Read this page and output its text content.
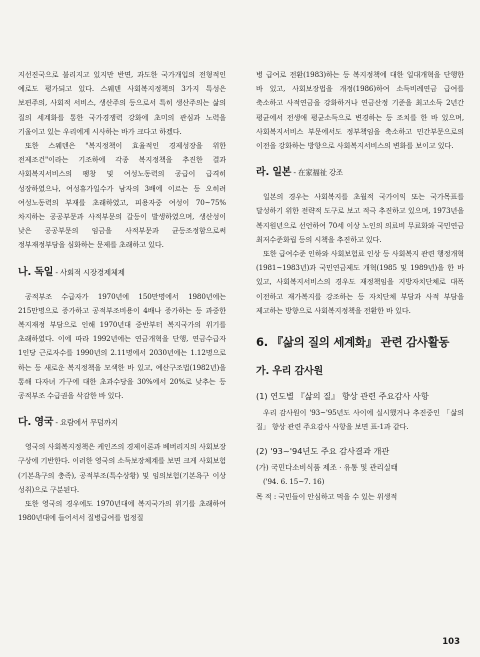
지선진국으로 불리지고 있지만 반면, 과도한 국가개입의 전형적인 예로도 평가되고 있다. 스웨덴 사회복지정책의 3가지 특성은 보편주의, 사회적 서비스, 생산주의 등으로서 특히 생산주의는 삶의 질의 세계화를 통한 국가경쟁력 강화에 초미의 관심과 노력을 기울이고 있는 우리에게 시사하는 바가 크다고 하겠다.

또한 스웨덴은 "복지정책이 효율적인 경제성장을 위한 전제조건"이라는 기조하에 각종 복지정책을 추진한 결과 사회복지서비스의 팽창 및 여성노동력의 공급이 급격히 성장하였으나, 여성휴가일수가 남자의 3배에 이르는 등 오히려 여성노동력의 부재를 초래하였고, 피용자중 여성이 70~75% 차지하는 공공부문과 사적부문의 갈등이 발생하였으며, 생산성이 낮은 공공부문의 임금을 사적부문과 균등조정함으로써 정부재정부담을 심화하는 문제를 초래하고 있다.

나. 독일 - 사회적 시장경제체제

공적부조 수급자가 1970년에 150만명에서 1980년에는 215만명으로 증가하고 공적부조비용이 4배나 증가하는 등 과중한 복지재정 부담으로 인해 1970년대 중반부터 복지국가의 위기를 초래하였다. 이에 따라 1992년에는 연금개혁을 단행, 연금수급자 1인당 근로자수를 1990년의 2.11명에서 2030년에는 1.12명으로 하는 등 새로운 복지정책을 모색한 바 있고, 예산구조법(1982년)을 통해 다자녀 가구에 대한 초과수당을 30%에서 20%로 낮추는 등 공적부조 수급권을 삭감한 바 있다.

다. 영국 - 요람에서 무덤까지

영국의 사회복지정책은 케인즈의 경제이론과 베버리지의 사회보장 구상에 기반한다. 이러한 영국의 소득보장체계를 보면 크게 사회보험(기본욕구의 충족), 공적부조(특수상황) 및 임의보험(기본욕구 이상 성취)으로 구분된다.

또한 영국의 경우에도 1970년대에 복지국가의 위기를 초래하여 1980년대에 들어서서 질병급여를 법정질

병 급여로 전환(1983)하는 등 복지정책에 대한 일대개혁을 단행한 바 있고, 사회보장법을 개정(1986)하여 소득비례연금 급여를 축소하고 사적연금을 강화하거나 연금산정 기준을 최고소득 2년간 평균에서 전생애 평균소득으로 변경하는 등 조치를 한 바 있으며, 사회복지서비스 부문에서도 정부책임을 축소하고 민간부문으로의 이전을 강화하는 방향으로 사회복지서비스의 변화를 보이고 있다.

라. 일본 - 在家福祉 강조

일본의 경우는 사회복지를 초월적 국가이익 또는 국가목표를 달성하기 위한 전략적 도구로 보고 적극 추진하고 있으며, 1973년을 복지원년으로 선언하여 70세 이상 노인의 의료비 무료화와 국민연금 최저수준화립 등의 시책을 추진하고 있다.

또한 급여수준 인하와 사회보험료 인상 등 사회복지 관련 행정개혁(1981~1983년)과 국민연금제도 개혁(1985 및 1989년)을 한 바 있고, 사회복지서비스의 경우도 재정책임을 지방자치단체로 대폭 이전하고 재가복지를 강조하는 등 자치단체 부담과 사적 부담을 제고하는 방향으로 사회복지정책을 전환한 바 있다.

6. 『삶의 질의 세계화』 관련 감사활동
가. 우리 감사원
(1) 연도별 『삶의 질』 향상 관련 주요감사 사항

우리 감사원이 '93~'95년도 사이에 실시했거나 추진중인 「삶의 질」 향상 관련 주요감사 사항을 보면 표-1과 같다.

(2) '93~'94년도 주요 감사결과 개관
(가) 국민다소비식품 제조 · 유통 및 관리실태

('94. 6. 15~7. 16)

목 적 : 국민들이 안심하고 먹을 수 있는 위생적

103
